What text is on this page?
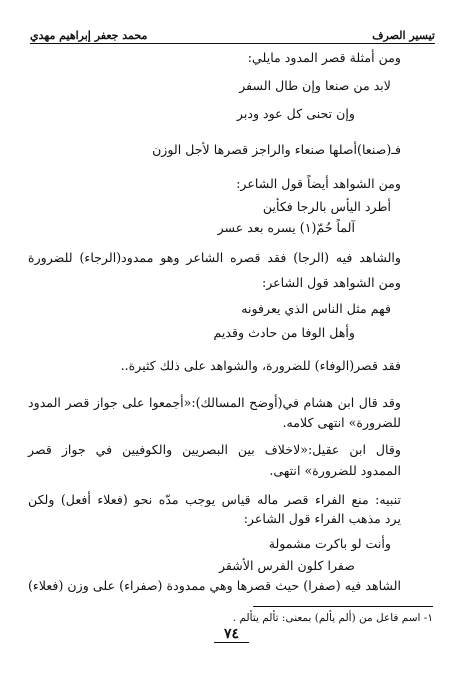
تيسير الصرف
محمد جعفر إبراهيم مهدي
ومن أمثلة قصر المدود مايلي:
لابد من صنعا وإن طال السفر
وإن تحنى كل عود ودبر
فـ(صنعا)أصلها صنعاء والراجز قصرها لأجل الوزن
ومن الشواهد أيضاً قول الشاعر:
أطرد اليأس بالرجا فكأين
آلماً حُمّ(١) يسره بعد عسر
والشاهد فيه (الرجا) فقد قصره الشاعر وهو ممدود(الرجاء) للضرورة
ومن الشواهد قول الشاعر:
فهم مثل الناس الذي يعرفونه
وأهل الوفا من حادث وقديم
فقد قصر(الوفاء) للضرورة، والشواهد على ذلك كثيرة..
وقد قال ابن هشام في(أوضح المسالك):«أجمعوا على جواز قصر المدود
للضرورة» انتهى كلامه.
وقال ابن عقيل:«لاخلاف بين البصريين والكوفيين في جواز قصر
الممدود للضرورة» انتهى.
تنبيه: منع الفراء قصر ماله قياس يوجب مدّه نحو (فعلاء أفعل) ولكن
يرد مذهب الفراء قول الشاعر:
وأنت لو باكرت مشمولة
صفرا كلون الفرس الأشقر
الشاهد فيه (صفرا) حيث قصرها وهي ممدودة (صفراء) على وزن (فعلاء)
١- اسم فاعل من (ألم يألم) بمعنى: تألم يتألم .
٧٤
